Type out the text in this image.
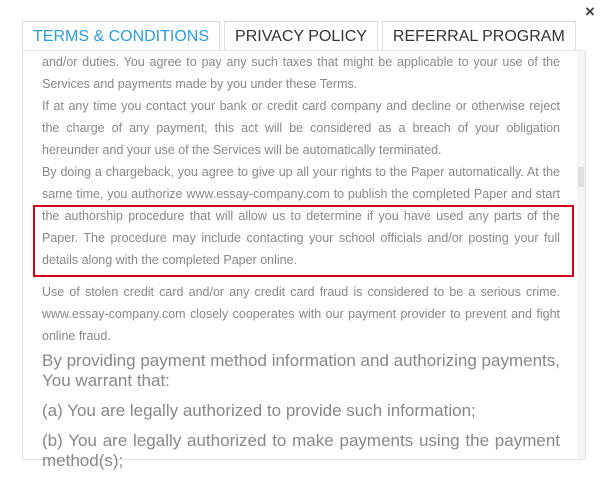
×
TERMS & CONDITIONS	PRIVACY POLICY	REFERRAL PROGRAM

and/or duties. You agree to pay any such taxes that might be applicable to your use of the Services and payments made by you under these Terms.

If at any time you contact your bank or credit card company and decline or otherwise reject the charge of any payment, this act will be considered as a breach of your obligation hereunder and your use of the Services will be automatically terminated.

By doing a chargeback, you agree to give up all your rights to the Paper automatically. At the same time, you authorize www.essay-company.com to publish the completed Paper and start the authorship procedure that will allow us to determine if you have used any parts of the Paper. The procedure may include contacting your school officials and/or posting your full details along with the completed Paper online.

Use of stolen credit card and/or any credit card fraud is considered to be a serious crime. www.essay-company.com closely cooperates with our payment provider to prevent and fight online fraud.

By providing payment method information and authorizing payments, You warrant that:

(a) You are legally authorized to provide such information;

(b) You are legally authorized to make payments using the payment method(s);
